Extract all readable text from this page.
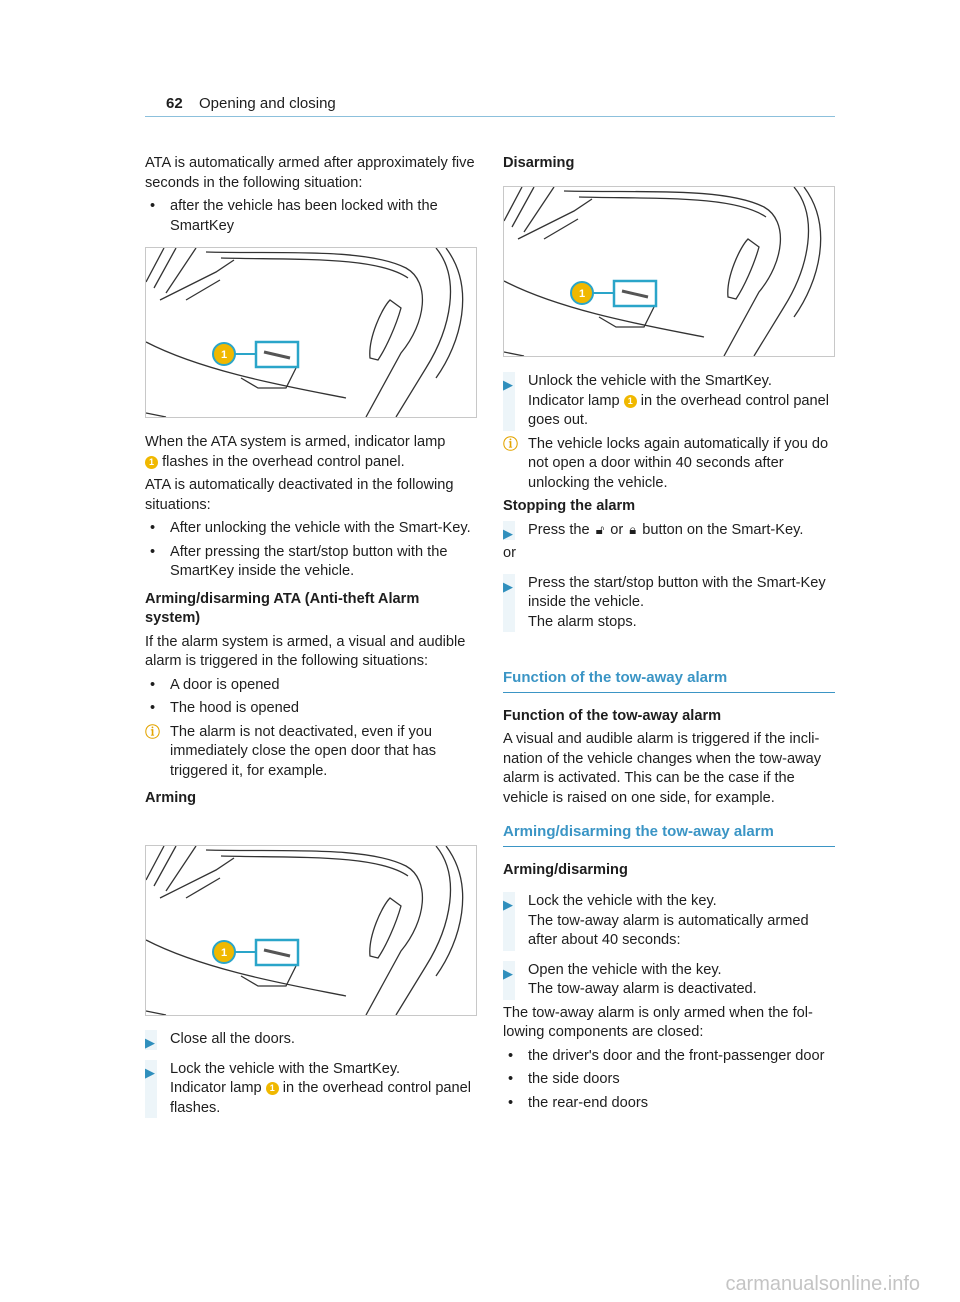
62 Opening and closing

ATA is automatically armed after approximately five seconds in the following situation:

•	after the vehicle has been locked with the SmartKey
1

When the ATA system is armed, indicator lamp
1 flashes in the overhead control panel.

ATA is automatically deactivated in the following situations:

•	After unlocking the vehicle with the Smart-Key.
•	After pressing the start/stop button with the SmartKey inside the vehicle.

Arming/disarming ATA (Anti-theft Alarm system)

If the alarm system is armed, a visual and audible alarm is triggered in the following situations:

•	A door is opened
•	The hood is opened
ⓘ The alarm is not deactivated, even if you immediately close the open door that has triggered it, for example.

Arming

1
▶ Close all the doors.
▶ Lock the vehicle with the SmartKey.
Indicator lamp 1 in the overhead control panel flashes.

Disarming

1
▶ Unlock the vehicle with the SmartKey.
Indicator lamp 1 in the overhead control panel goes out.
ⓘ The vehicle locks again automatically if you do not open a door within 40 seconds after unlocking the vehicle.

Stopping the alarm

▶ Press the 🔓︎ or 🔒︎ button on the Smart-Key.

or

▶ Press the start/stop button with the Smart-Key inside the vehicle.
The alarm stops.

Function of the tow-away alarm

Function of the tow-away alarm

A visual and audible alarm is triggered if the incli-nation of the vehicle changes when the tow-away alarm is activated. This can be the case if the vehicle is raised on one side, for example.

Arming/disarming the tow-away alarm

Arming/disarming

▶ Lock the vehicle with the key.
The tow-away alarm is automatically armed after about 40 seconds:
▶ Open the vehicle with the key.
The tow-away alarm is deactivated.

The tow-away alarm is only armed when the fol-lowing components are closed:

•	the driver's door and the front-passenger door
•	the side doors
•	the rear-end doors
carmanualsonline.info
